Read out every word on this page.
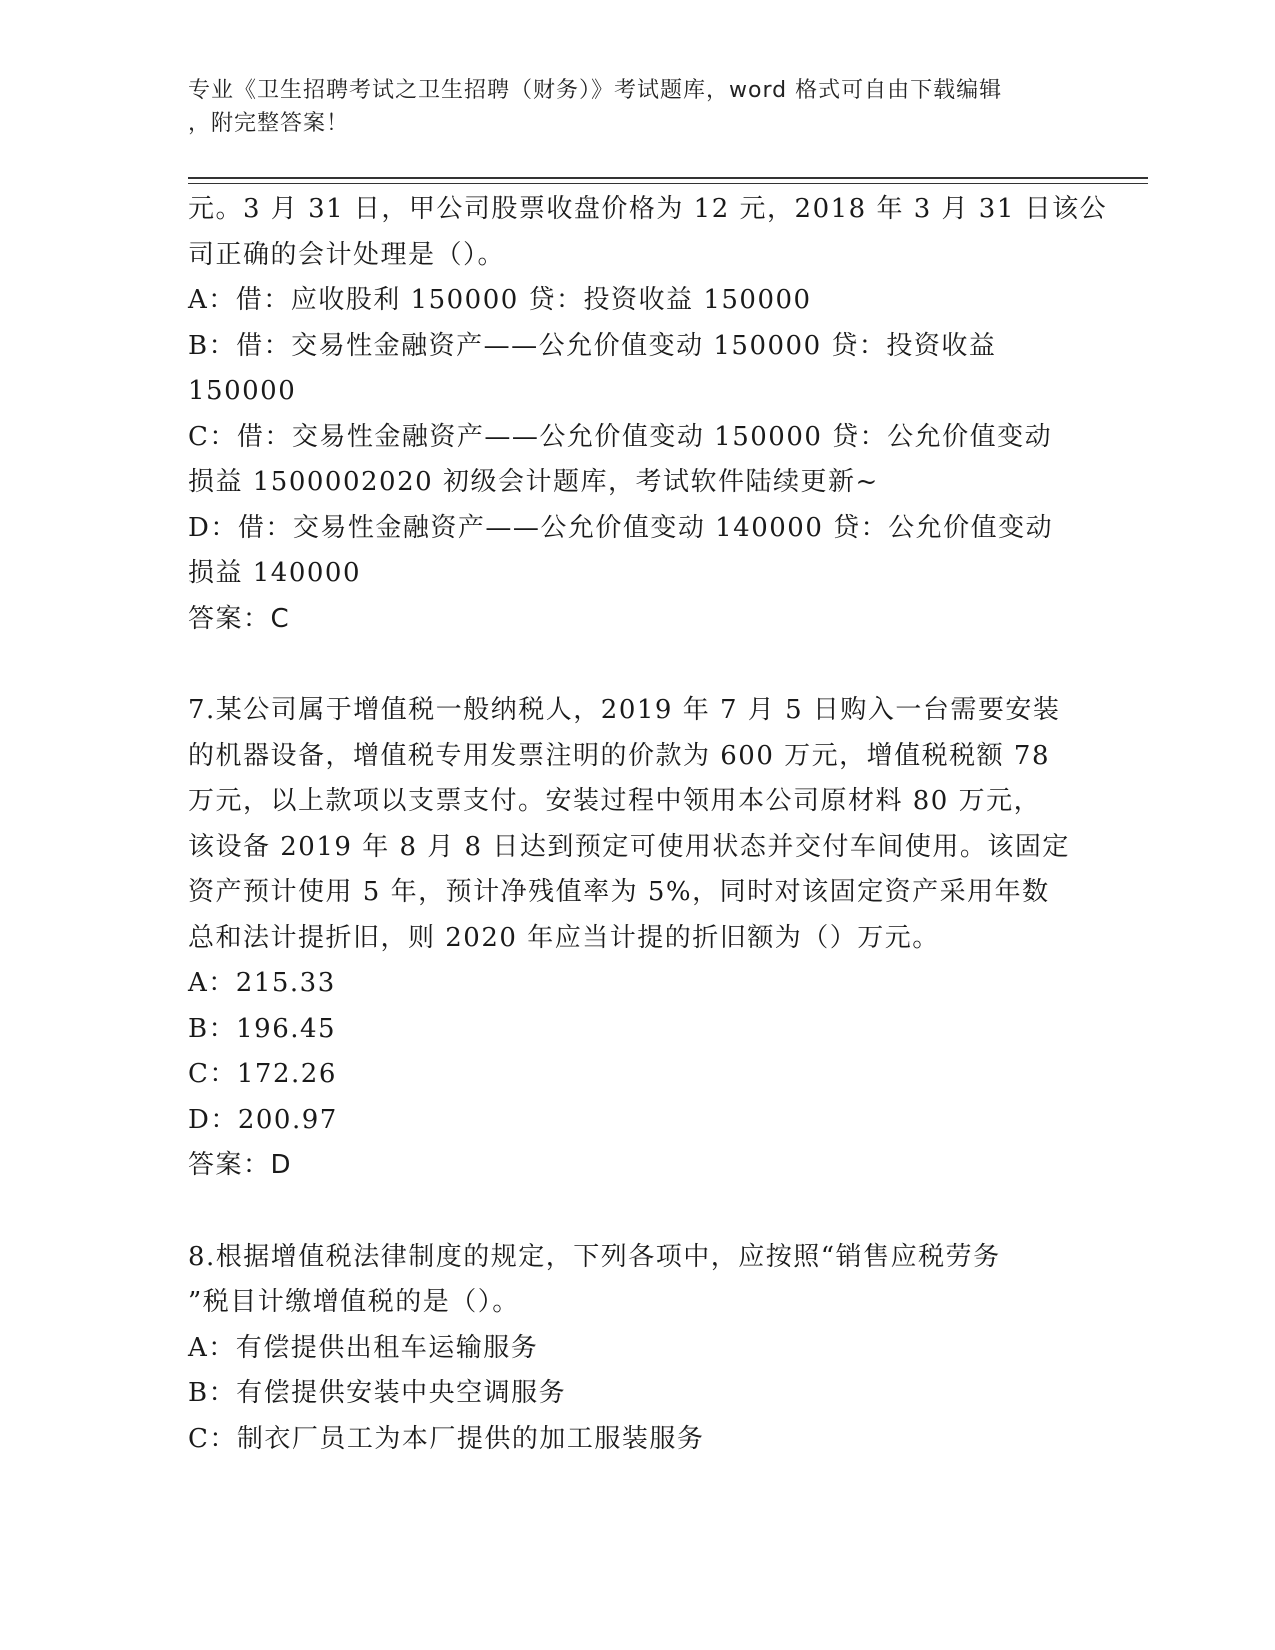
专业《卫生招聘考试之卫生招聘（财务）》考试题库，word 格式可自由下载编辑

，附完整答案！

元。3 月 31 日，甲公司股票收盘价格为 12 元，2018 年 3 月 31 日该公

司正确的会计处理是（）。

A：借：应收股利 150000 贷：投资收益 150000

B：借：交易性金融资产——公允价值变动 150000 贷：投资收益

150000

C：借：交易性金融资产——公允价值变动 150000 贷：公允价值变动

损益 1500002020 初级会计题库，考试软件陆续更新~

D：借：交易性金融资产——公允价值变动 140000 贷：公允价值变动

损益 140000

答案：C

7.某公司属于增值税一般纳税人，2019 年 7 月 5 日购入一台需要安装

的机器设备，增值税专用发票注明的价款为 600 万元，增值税税额 78

万元，以上款项以支票支付。安装过程中领用本公司原材料 80 万元，

该设备 2019 年 8 月 8 日达到预定可使用状态并交付车间使用。该固定

资产预计使用 5 年，预计净残值率为 5%，同时对该固定资产采用年数

总和法计提折旧，则 2020 年应当计提的折旧额为（）万元。

A：215.33

B：196.45

C：172.26

D：200.97

答案：D

8.根据增值税法律制度的规定，下列各项中，应按照“销售应税劳务

”税目计缴增值税的是（）。

A：有偿提供出租车运输服务

B：有偿提供安装中央空调服务

C：制衣厂员工为本厂提供的加工服装服务
